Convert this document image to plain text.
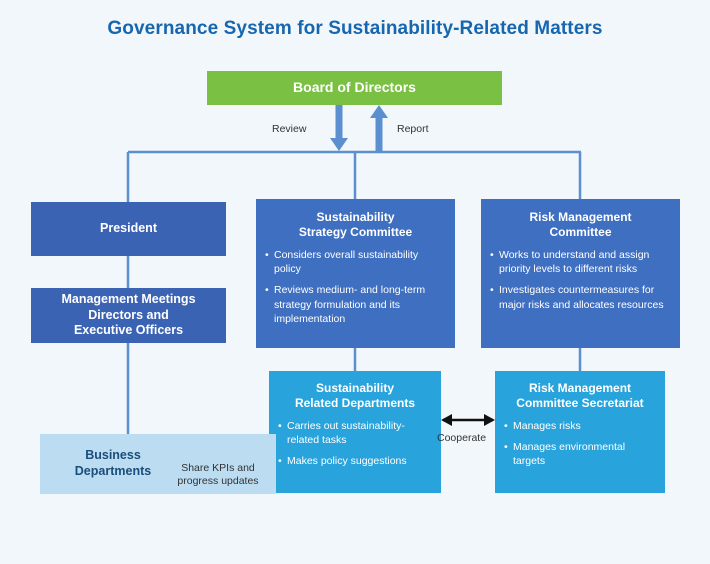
Governance System for Sustainability-Related Matters
Board of Directors
Review	Report
President
Management Meetings
Directors and
Executive Officers
Sustainability
Strategy Committee
• Considers overall sustainability policy
• Reviews medium- and long-term strategy formulation and its implementation
Risk Management
Committee
• Works to understand and assign priority levels to different risks
• Investigates countermeasures for major risks and allocates resources
Sustainability
Related Departments
• Carries out sustainability-related tasks
• Makes policy suggestions
Risk Management
Committee Secretariat
• Manages risks
• Manages environmental targets
Business
Departments
Cooperate
Share KPIs and
progress updates
